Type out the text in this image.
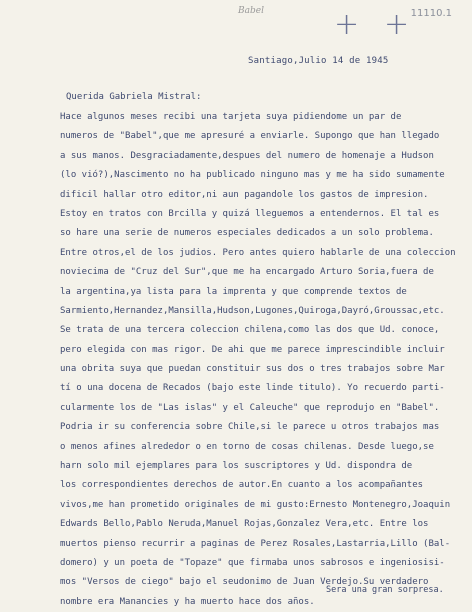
Babel	11110.1
+ +
Santiago,Julio 14 de 1945
Querida Gabriela Mistral:
Hace algunos meses recibi una tarjeta suya pidiendome un par de
numeros de "Babel",que me apresuré a enviarle. Supongo que han llegado
a sus manos. Desgraciadamente,despues del numero de homenaje a Hudson
(lo vió?),Nascimento no ha publicado ninguno mas y me ha sido sumamente
dificil hallar otro editor,ni aun pagandole los gastos de impresion.
Estoy en tratos con Brcilla y quizá lleguemos a entendernos. El tal es
so hare una serie de numeros especiales dedicados a un solo problema.
Entre otros,el de los judios. Pero antes quiero hablarle de una coleccion
noviecima de "Cruz del Sur",que me ha encargado Arturo Soria,fuera de
la argentina,ya lista para la imprenta y que comprende textos de
Sarmiento,Hernandez,Mansilla,Hudson,Lugones,Quiroga,Dayró,Groussac,etc.
Se trata de una tercera coleccion chilena,como las dos que Ud. conoce,
pero elegida con mas rigor. De ahi que me parece imprescindible incluir
una obrita suya que puedan constituir sus dos o tres trabajos sobre Mar
tí o una docena de Recados (bajo este linde titulo). Yo recuerdo parti-
cularmente los de "Las islas" y el Caleuche" que reprodujo en "Babel".
Podria ir su conferencia sobre Chile,si le parece u otros trabajos mas
o menos afines alrededor o en torno de cosas chilenas. Desde luego,se
harn solo mil ejemplares para los suscriptores y Ud. dispondra de
los correspondientes derechos de autor.En cuanto a los acompañantes
vivos,me han prometido originales de mi gusto:Ernesto Montenegro,Joaquin
Edwards Bello,Pablo Neruda,Manuel Rojas,Gonzalez Vera,etc. Entre los
muertos pienso recurrir a paginas de Perez Rosales,Lastarria,Lillo (Bal-
domero) y un poeta de "Topaze" que firmaba unos sabrosos e ingeniosisi-
mos "Versos de ciego" bajo el seudonimo de Juan Verdejo.Su verdadero
nombre era Manancies y ha muerto hace dos años.
Sera una gran sorpresa.
